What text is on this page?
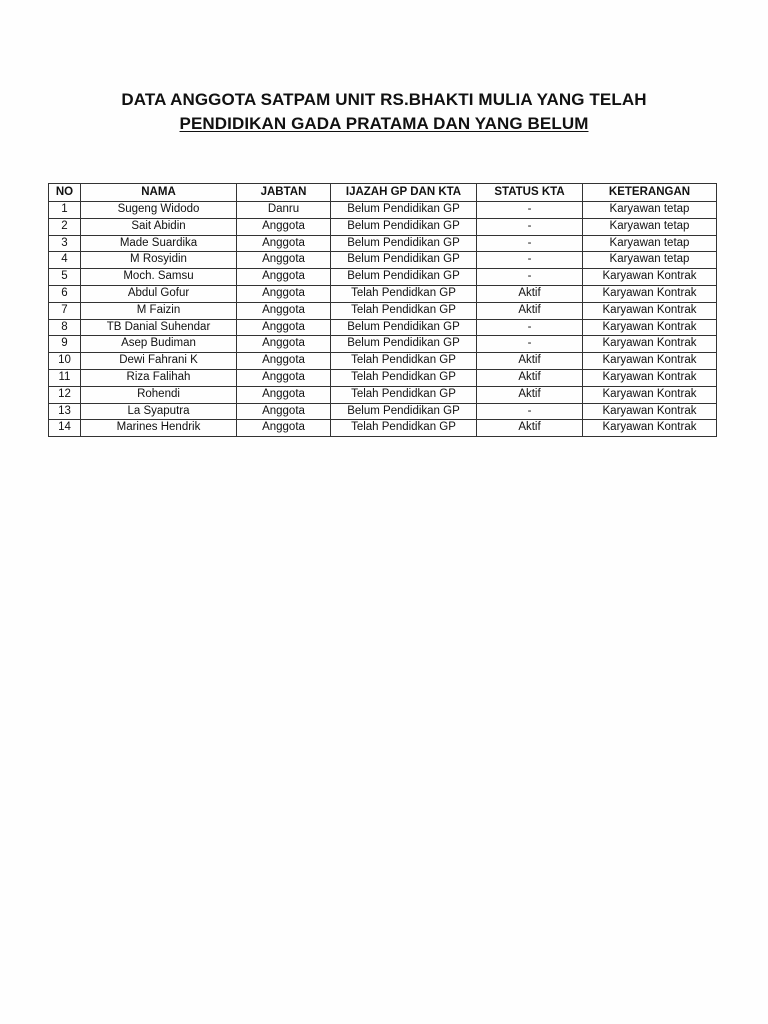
DATA ANGGOTA SATPAM UNIT RS.BHAKTI MULIA YANG TELAH
PENDIDIKAN GADA PRATAMA DAN YANG BELUM
NO	NAMA	JABTAN	IJAZAH GP DAN KTA	STATUS KTA	KETERANGAN
1	Sugeng Widodo	Danru	Belum Pendidikan GP	-	Karyawan tetap
2	Sait Abidin	Anggota	Belum Pendidikan GP	-	Karyawan tetap
3	Made Suardika	Anggota	Belum Pendidikan GP	-	Karyawan tetap
4	M Rosyidin	Anggota	Belum Pendidikan GP	-	Karyawan tetap
5	Moch. Samsu	Anggota	Belum Pendidikan GP	-	Karyawan Kontrak
6	Abdul Gofur	Anggota	Telah Pendidkan GP	Aktif	Karyawan Kontrak
7	M Faizin	Anggota	Telah Pendidkan GP	Aktif	Karyawan Kontrak
8	TB Danial Suhendar	Anggota	Belum Pendidikan GP	-	Karyawan Kontrak
9	Asep Budiman	Anggota	Belum Pendidikan GP	-	Karyawan Kontrak
10	Dewi Fahrani K	Anggota	Telah Pendidkan GP	Aktif	Karyawan Kontrak
11	Riza Falihah	Anggota	Telah Pendidkan GP	Aktif	Karyawan Kontrak
12	Rohendi	Anggota	Telah Pendidkan GP	Aktif	Karyawan Kontrak
13	La Syaputra	Anggota	Belum Pendidikan GP	-	Karyawan Kontrak
14	Marines Hendrik	Anggota	Telah Pendidkan GP	Aktif	Karyawan Kontrak
